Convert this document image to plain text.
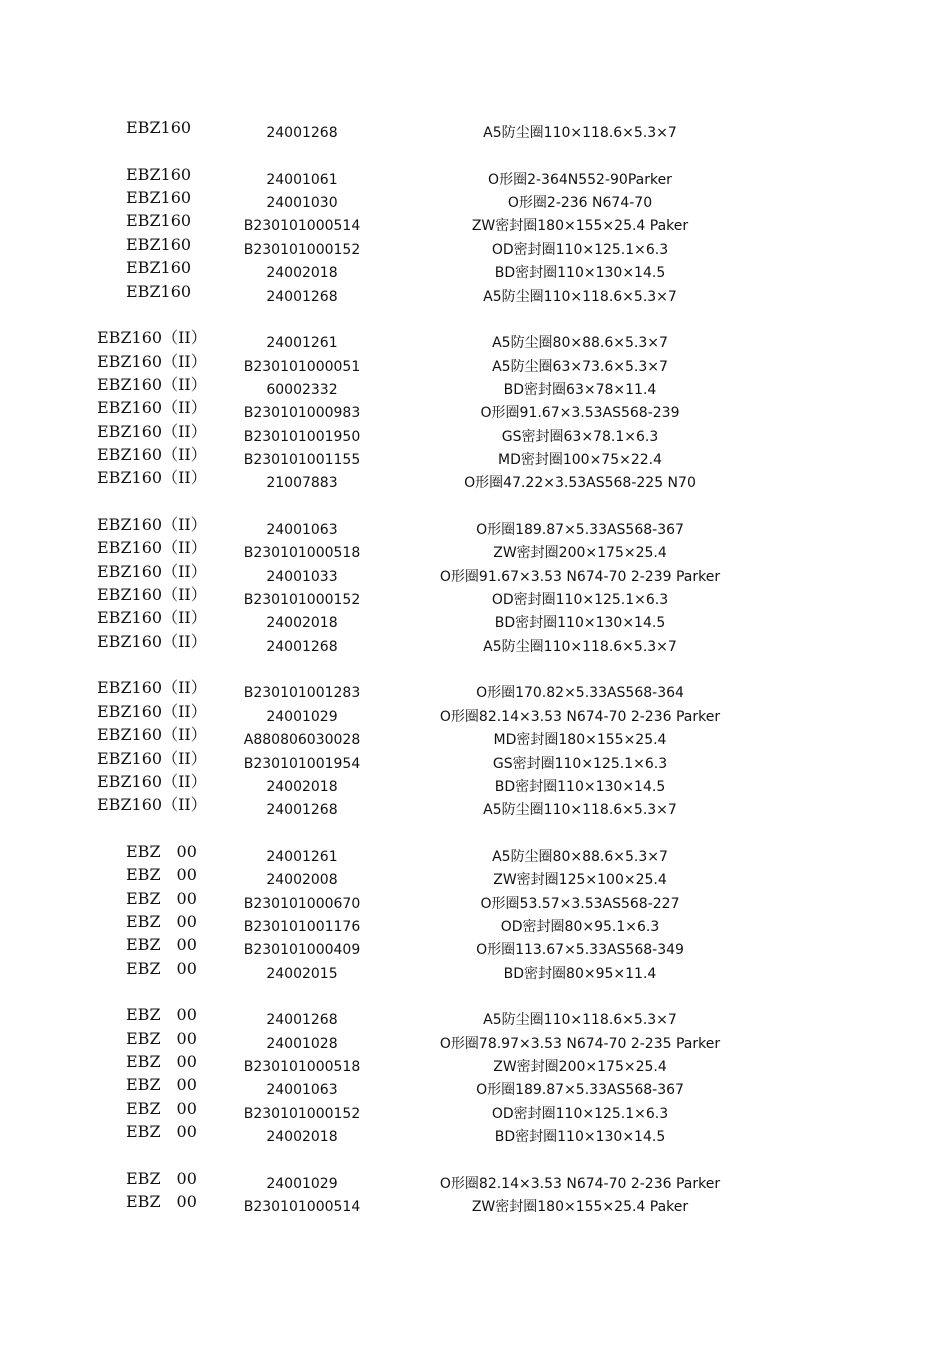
EBZ160	24001268	A5防尘圈110×118.6×5.3×7
EBZ160	24001061	O形圈2-364N552-90Parker
EBZ160	24001030	O形圈2-236 N674-70
EBZ160	B230101000514	ZW密封圈180×155×25.4 Paker
EBZ160	B230101000152	OD密封圈110×125.1×6.3
EBZ160	24002018	BD密封圈110×130×14.5
EBZ160	24001268	A5防尘圈110×118.6×5.3×7
EBZ160（II）	24001261	A5防尘圈80×88.6×5.3×7
EBZ160（II）	B230101000051	A5防尘圈63×73.6×5.3×7
EBZ160（II）	60002332	BD密封圈63×78×11.4
EBZ160（II）	B230101000983	O形圈91.67×3.53AS568-239
EBZ160（II）	B230101001950	GS密封圈63×78.1×6.3
EBZ160（II）	B230101001155	MD密封圈100×75×22.4
EBZ160（II）	21007883	O形圈47.22×3.53AS568-225 N70
EBZ160（II）	24001063	O形圈189.87×5.33AS568-367
EBZ160（II）	B230101000518	ZW密封圈200×175×25.4
EBZ160（II）	24001033	O形圈91.67×3.53 N674-70 2-239 Parker
EBZ160（II）	B230101000152	OD密封圈110×125.1×6.3
EBZ160（II）	24002018	BD密封圈110×130×14.5
EBZ160（II）	24001268	A5防尘圈110×118.6×5.3×7
EBZ160（II）	B230101001283	O形圈170.82×5.33AS568-364
EBZ160（II）	24001029	O形圈82.14×3.53 N674-70 2-236 Parker
EBZ160（II）	A880806030028	MD密封圈180×155×25.4
EBZ160（II）	B230101001954	GS密封圈110×125.1×6.3
EBZ160（II）	24002018	BD密封圈110×130×14.5
EBZ160（II）	24001268	A5防尘圈110×118.6×5.3×7
EBZ　00	24001261	A5防尘圈80×88.6×5.3×7
EBZ　00	24002008	ZW密封圈125×100×25.4
EBZ　00	B230101000670	O形圈53.57×3.53AS568-227
EBZ　00	B230101001176	OD密封圈80×95.1×6.3
EBZ　00	B230101000409	O形圈113.67×5.33AS568-349
EBZ　00	24002015	BD密封圈80×95×11.4
EBZ　00	24001268	A5防尘圈110×118.6×5.3×7
EBZ　00	24001028	O形圈78.97×3.53 N674-70 2-235 Parker
EBZ　00	B230101000518	ZW密封圈200×175×25.4
EBZ　00	24001063	O形圈189.87×5.33AS568-367
EBZ　00	B230101000152	OD密封圈110×125.1×6.3
EBZ　00	24002018	BD密封圈110×130×14.5
EBZ　00	24001029	O形圈82.14×3.53 N674-70 2-236 Parker
EBZ　00	B230101000514	ZW密封圈180×155×25.4 Paker
